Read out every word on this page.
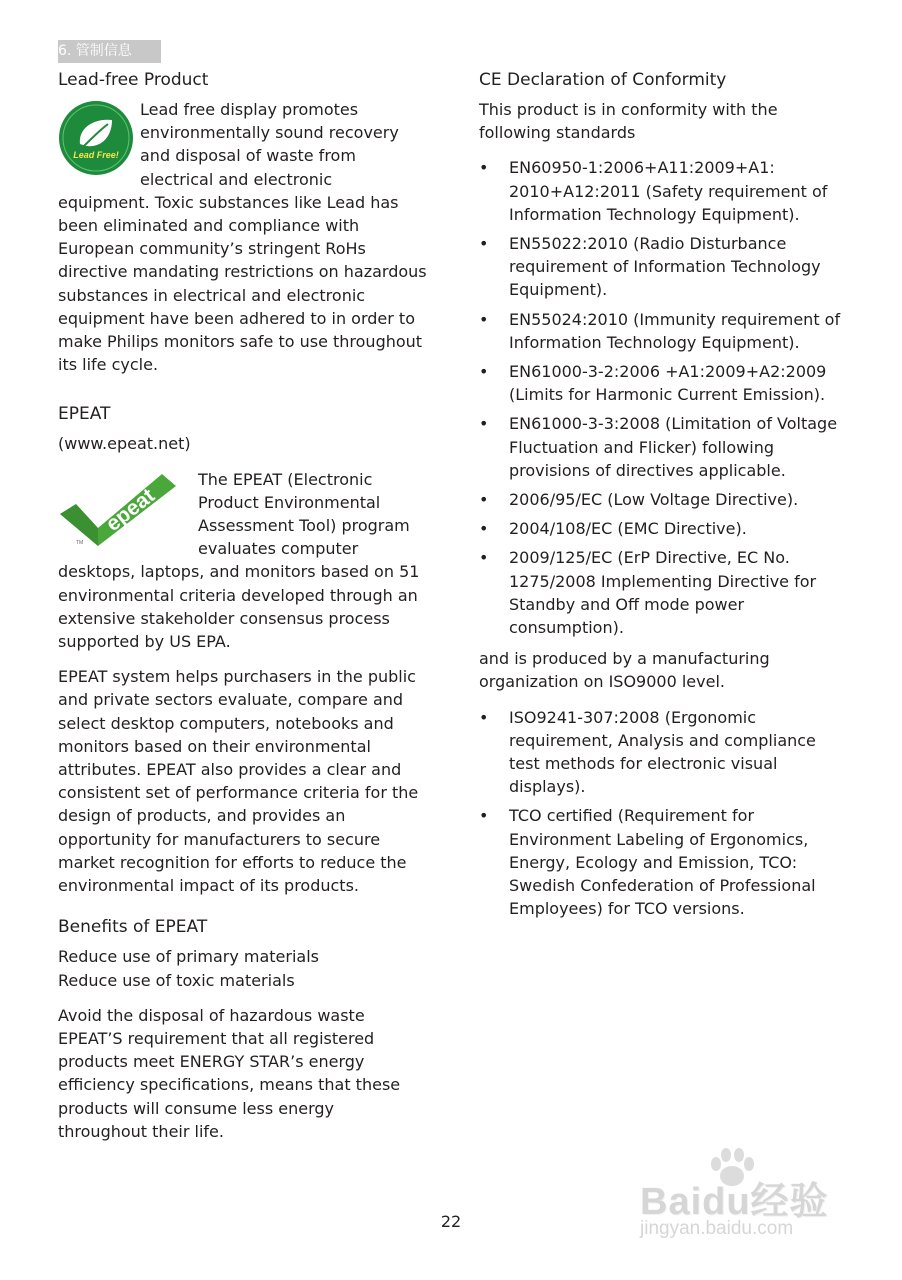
6. 管制信息
Lead-free Product
Lead Free!

Lead free display promotes environmentally sound recovery and disposal of waste from electrical and electronic equipment. Toxic substances like Lead has been eliminated and compliance with European community’s stringent RoHs directive mandating restrictions on hazardous substances in electrical and electronic equipment have been adhered to in order to make Philips monitors safe to use throughout its life cycle.

EPEAT

(www.epeat.net)

epeat
TM

The EPEAT (Electronic Product Environmental Assessment Tool) program evaluates computer desktops, laptops, and monitors based on 51 environmental criteria developed through an extensive stakeholder consensus process supported by US EPA.

EPEAT system helps purchasers in the public and private sectors evaluate, compare and select desktop computers, notebooks and monitors based on their environmental attributes. EPEAT also provides a clear and consistent set of performance criteria for the design of products, and provides an opportunity for manufacturers to secure market recognition for efforts to reduce the environmental impact of its products.

Benefits of EPEAT

Reduce use of primary materials

Reduce use of toxic materials

Avoid the disposal of hazardous waste EPEAT’S requirement that all registered products meet ENERGY STAR’s energy efficiency specifications, means that these products will consume less energy throughout their life.

CE Declaration of Conformity

This product is in conformity with the following standards

• EN60950-1:2006+A11:2009+A1: 2010+A12:2011 (Safety requirement of Information Technology Equipment).
• EN55022:2010 (Radio Disturbance requirement of Information Technology Equipment).
• EN55024:2010 (Immunity requirement of Information Technology Equipment).
• EN61000-3-2:2006 +A1:2009+A2:2009 (Limits for Harmonic Current Emission).
• EN61000-3-3:2008 (Limitation of Voltage Fluctuation and Flicker) following provisions of directives applicable.
• 2006/95/EC (Low Voltage Directive).
• 2004/108/EC (EMC Directive).
• 2009/125/EC (ErP Directive, EC No. 1275/2008 Implementing Directive for Standby and Off mode power consumption).

and is produced by a manufacturing organization on ISO9000 level.

• ISO9241-307:2008 (Ergonomic requirement, Analysis and compliance test methods for electronic visual displays).
• TCO certified (Requirement for Environment Labeling of Ergonomics, Energy, Ecology and Emission, TCO: Swedish Confederation of Professional Employees) for TCO versions.
22	Baidu经验
jingyan.baidu.com
